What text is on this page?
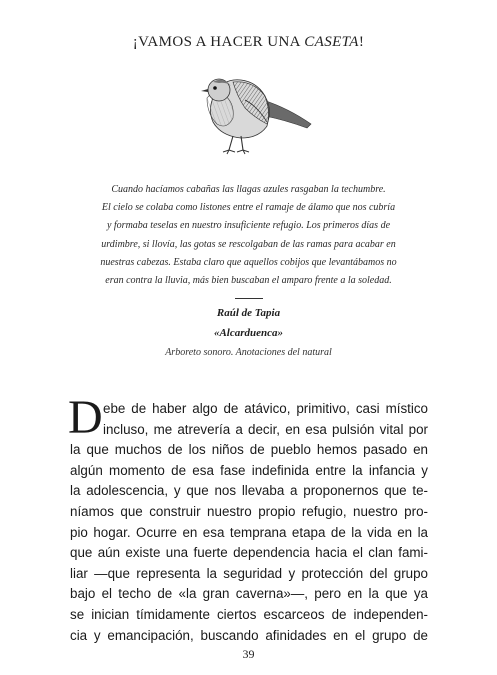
¡VAMOS A HACER UNA CASETA!
Cuando hacíamos cabañas las llagas azules rasgaban la techumbre.
El cielo se colaba como listones entre el ramaje de álamo que nos cubría
y formaba teselas en nuestro insuficiente refugio. Los primeros días de
urdimbre, si llovía, las gotas se rescolgaban de las ramas para acabar en
nuestras cabezas. Estaba claro que aquellos cobijos que levantábamos no
eran contra la lluvia, más bien buscaban el amparo frente a la soledad.
Raúl de Tapia
«Alcarduenca»
Arboreto sonoro. Anotaciones del natural
D ebe de haber algo de atávico, primitivo, casi místico
incluso, me atrevería a decir, en esa pulsión vital por
la que muchos de los niños de pueblo hemos pasado en
algún momento de esa fase indefinida entre la infancia y
la adolescencia, y que nos llevaba a proponernos que te-
níamos que construir nuestro propio refugio, nuestro pro-
pio hogar. Ocurre en esa temprana etapa de la vida en la
que aún existe una fuerte dependencia hacia el clan fami-
liar —que representa la seguridad y protección del grupo
bajo el techo de «la gran caverna»—, pero en la que ya
se inician tímidamente ciertos escarceos de independen-
cia y emancipación, buscando afinidades en el grupo de
39
